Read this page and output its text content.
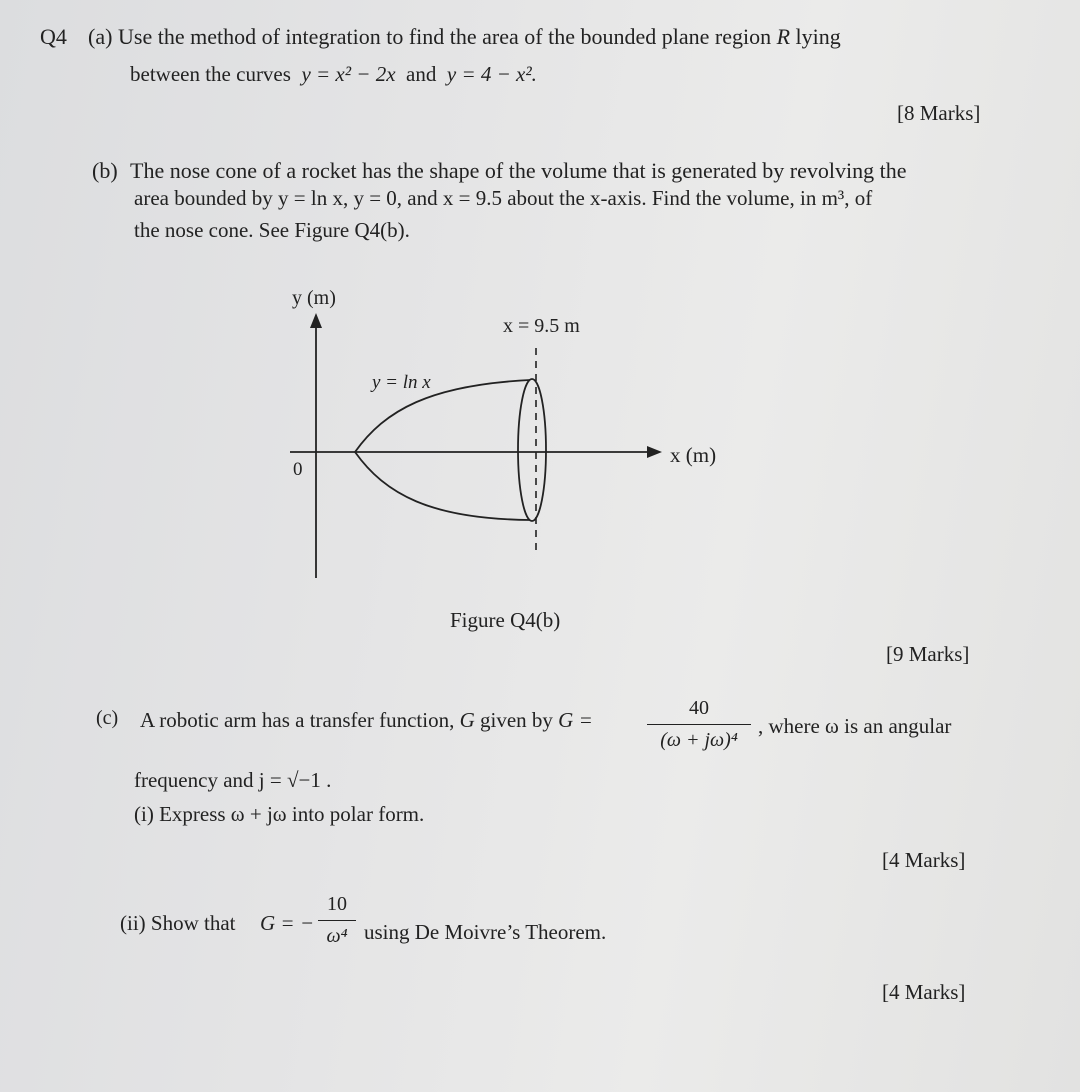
Q4 (a) Use the method of integration to find the area of the bounded plane region R lying
between the curves y = x² − 2x and y = 4 − x².
[8 Marks]
(b) The nose cone of a rocket has the shape of the volume that is generated by revolving the
area bounded by y = ln x, y = 0, and x = 9.5 about the x-axis. Find the volume, in m³, of
the nose cone. See Figure Q4(b).
y (m)
x = 9.5 m
y = ln x
x (m)
0
Figure Q4(b)
[9 Marks]
(c) A robotic arm has a transfer function, G given by G =	$\frac{40}{\text{(ω + jω)⁴}}$ , where ω is an angular
frequency and j = √−1 .
(i) Express ω + jω into polar form.
[4 Marks]
(ii) Show that G = − $\frac{10}{\text{ω⁴}}$ using De Moivre’s Theorem.
[4 Marks]
